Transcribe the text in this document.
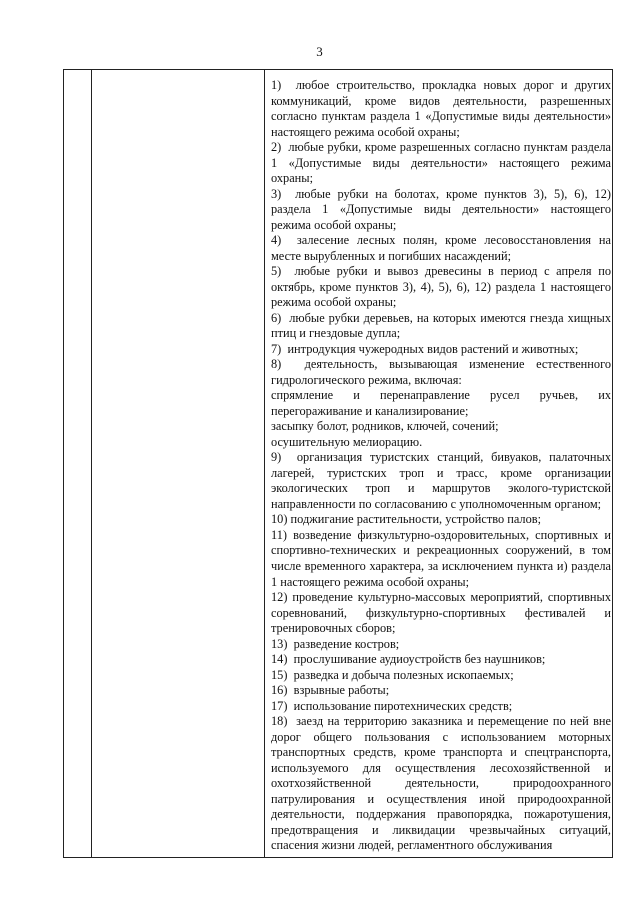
3

1)  любое строительство, прокладка новых дорог и других коммуникаций, кроме видов деятельности, разрешенных согласно пунктам раздела 1 «Допустимые виды деятельности» настоящего режима особой охраны;

2)  любые рубки, кроме разрешенных согласно пунктам раздела 1 «Допустимые виды деятельности» настоящего режима охраны;

3)  любые рубки на болотах, кроме пунктов 3), 5), 6), 12) раздела 1 «Допустимые виды деятельности» настоящего режима особой охраны;

4)  залесение лесных полян, кроме лесовосстановления на месте вырубленных и погибших насаждений;

5)  любые рубки и вывоз древесины в период с апреля по октябрь, кроме пунктов 3), 4), 5), 6), 12) раздела 1 настоящего режима особой охраны;

6)  любые рубки деревьев, на которых имеются гнезда хищных птиц и гнездовые дупла;

7)  интродукция чужеродных видов растений и животных;

8)  деятельность, вызывающая изменение естественного гидрологического режима, включая:

спрямление и перенаправление русел ручьев, их перегораживание и канализирование;

засыпку болот, родников, ключей, сочений;

осушительную мелиорацию.

9)  организация туристских станций, бивуаков, палаточных лагерей, туристских троп и трасс, кроме организации экологических троп и маршрутов эколого-туристской направленности по согласованию с уполномоченным органом;

10) поджигание растительности, устройство палов;

11) возведение физкультурно-оздоровительных, спортивных и спортивно-технических и рекреационных сооружений, в том числе временного характера, за исключением пункта и) раздела 1 настоящего режима особой охраны;

12) проведение культурно-массовых мероприятий, спортивных соревнований, физкультурно-спортивных фестивалей и тренировочных сборов;

13)  разведение костров;

14)  прослушивание аудиоустройств без наушников;

15)  разведка и добыча полезных ископаемых;

16)  взрывные работы;

17)  использование пиротехнических средств;

18)  заезд на территорию заказника и перемещение по ней вне дорог общего пользования с использованием моторных транспортных средств, кроме транспорта и спецтранспорта, используемого для осуществления лесохозяйственной и охотхозяйственной деятельности, природоохранного патрулирования и осуществления иной природоохранной деятельности, поддержания правопорядка, пожаротушения, предотвращения и ликвидации чрезвычайных ситуаций, спасения жизни людей, регламентного обслуживания
